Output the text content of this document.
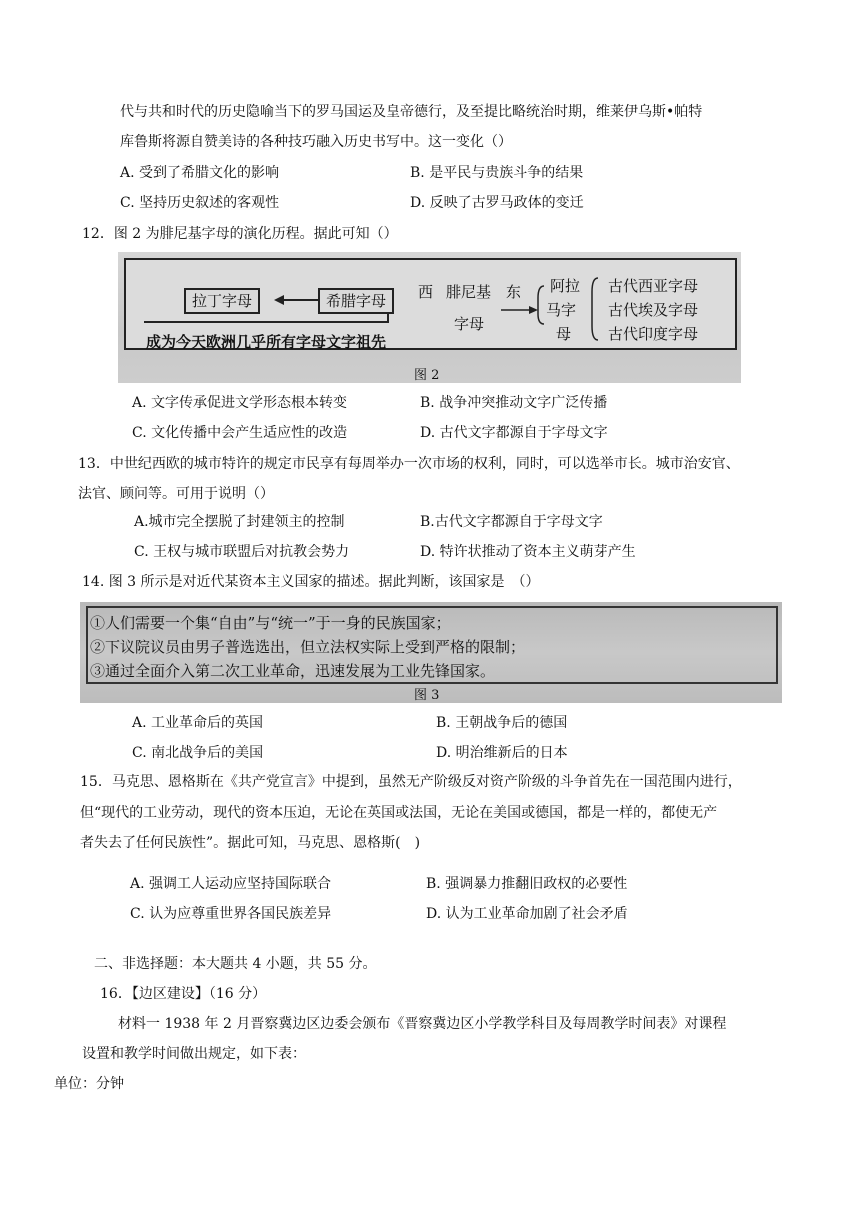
代与共和时代的历史隐喻当下的罗马国运及皇帝德行，及至提比略统治时期，维莱伊乌斯•帕特
库鲁斯将源自赞美诗的各种技巧融入历史书写中。这一变化（）
A. 受到了希腊文化的影响	B. 是平民与贵族斗争的结果
C. 坚持历史叙述的客观性	D. 反映了古罗马政体的变迁
12．图 2 为腓尼基字母的演化历程。据此可知（）
拉丁字母	希腊字母	西 腓尼基
字母
东 阿拉
马字
母
古代西亚字母
古代埃及字母
古代印度字母
成为今天欧洲几乎所有字母文字祖先
图 2
A. 文字传承促进文学形态根本转变	B. 战争冲突推动文字广泛传播
C. 文化传播中会产生适应性的改造	D. 古代文字都源自于字母文字
13．中世纪西欧的城市特许的规定市民享有每周举办一次市场的权利，同时，可以选举市长。城市治安官、
法官、顾问等。可用于说明（）
A.城市完全摆脱了封建领主的控制	B.古代文字都源自于字母文字
C. 王权与城市联盟后对抗教会势力	D. 特许状推动了资本主义萌芽产生
14. 图 3 所示是对近代某资本主义国家的描述。据此判断，该国家是　（）
①人们需要一个集“自由”与“统一”于一身的民族国家；
②下议院议员由男子普选选出，但立法权实际上受到严格的限制；
③通过全面介入第二次工业革命，迅速发展为工业先锋国家。
图 3
A. 工业革命后的英国	B. 王朝战争后的德国
C. 南北战争后的美国	D. 明治维新后的日本
15．马克思、恩格斯在《共产党宣言》中提到，虽然无产阶级反对资产阶级的斗争首先在一国范围内进行，
但“现代的工业劳动，现代的资本压迫，无论在英国或法国，无论在美国或德国，都是一样的，都使无产
者失去了任何民族性”。据此可知，马克思、恩格斯(　)
A. 强调工人运动应坚持国际联合	B. 强调暴力推翻旧政权的必要性
C. 认为应尊重世界各国民族差异	D. 认为工业革命加剧了社会矛盾
二、非选择题：本大题共 4 小题，共 55 分。
16．【边区建设】（16 分）
材料一 1938 年 2 月晋察冀边区边委会颁布《晋察冀边区小学教学科目及每周教学时间表》对课程
设置和教学时间做出规定，如下表：
单位：分钟
